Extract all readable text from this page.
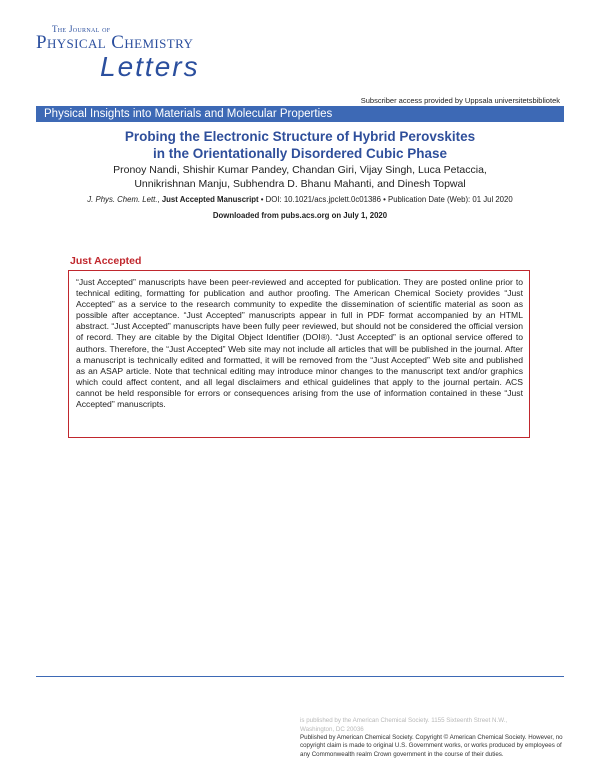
The Journal of
Physical Chemistry
Letters
Subscriber access provided by Uppsala universitetsbibliotek
Physical Insights into Materials and Molecular Properties
Probing the Electronic Structure of Hybrid Perovskites
in the Orientationally Disordered Cubic Phase
Pronoy Nandi, Shishir Kumar Pandey, Chandan Giri, Vijay Singh, Luca Petaccia,
Unnikrishnan Manju, Subhendra D. Bhanu Mahanti, and Dinesh Topwal
J. Phys. Chem. Lett., Just Accepted Manuscript • DOI: 10.1021/acs.jpclett.0c01386 • Publication Date (Web): 01 Jul 2020
Downloaded from pubs.acs.org on July 1, 2020
Just Accepted

“Just Accepted” manuscripts have been peer-reviewed and accepted for publication. They are posted online prior to technical editing, formatting for publication and author proofing. The American Chemical Society provides “Just Accepted” as a service to the research community to expedite the dissemination of scientific material as soon as possible after acceptance. “Just Accepted” manuscripts appear in full in PDF format accompanied by an HTML abstract. “Just Accepted” manuscripts have been fully peer reviewed, but should not be considered the official version of record. They are citable by the Digital Object Identifier (DOI®). “Just Accepted” is an optional service offered to authors. Therefore, the “Just Accepted” Web site may not include all articles that will be published in the journal. After a manuscript is technically edited and formatted, it will be removed from the “Just Accepted” Web site and published as an ASAP article. Note that technical editing may introduce minor changes to the manuscript text and/or graphics which could affect content, and all legal disclaimers and ethical guidelines that apply to the journal pertain. ACS cannot be held responsible for errors or consequences arising from the use of information contained in these “Just Accepted” manuscripts.

is published by the American Chemical Society. 1155 Sixteenth Street N.W.,
Washington, DC 20036
Published by American Chemical Society. Copyright © American Chemical Society. However, no copyright claim is made to original U.S. Government works, or works produced by employees of any Commonwealth realm Crown government in the course of their duties.
